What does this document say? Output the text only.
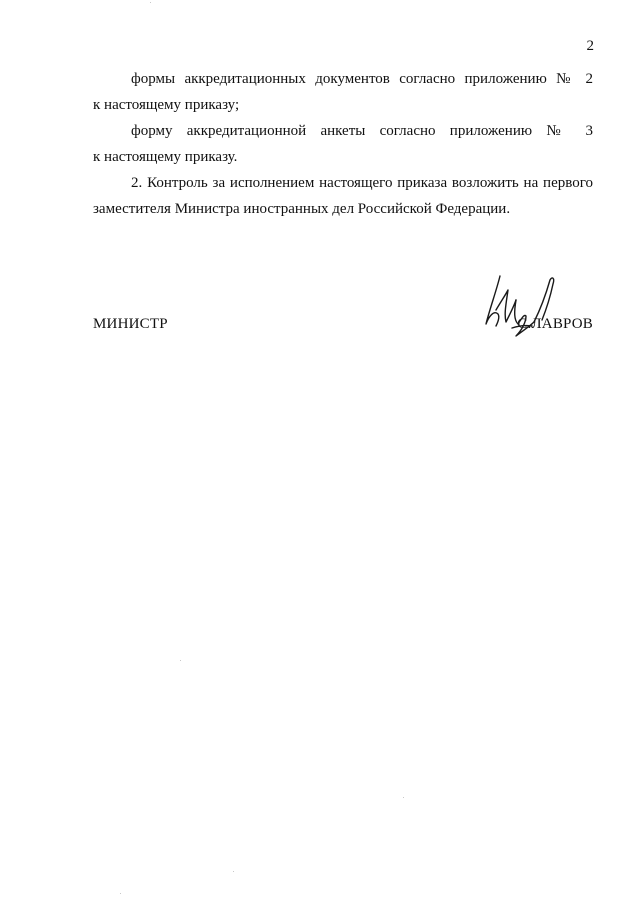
2
формы аккредитационных документов согласно приложению № 2
к настоящему приказу;
форму аккредитационной анкеты согласно приложению № 3
к настоящему приказу.
2. Контроль за исполнением настоящего приказа возложить на первого
заместителя Министра иностранных дел Российской Федерации.
МИНИСТР	С.ЛАВРОВ
